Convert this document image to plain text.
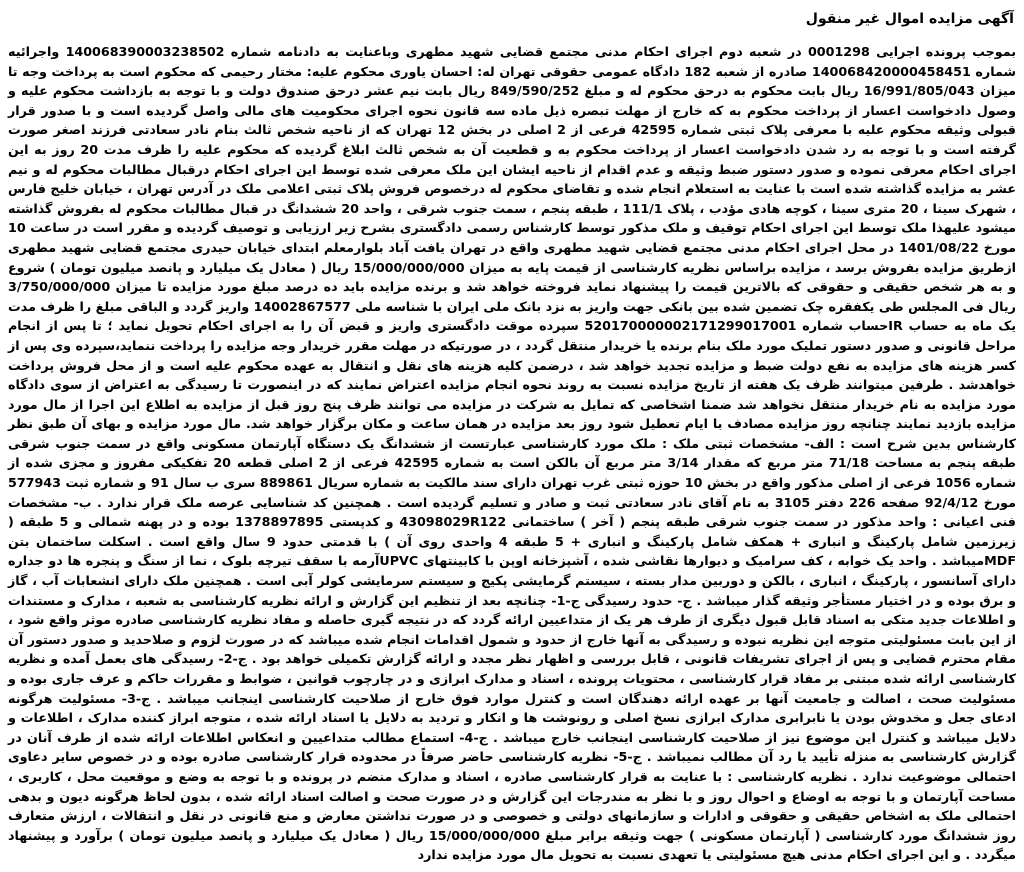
آگهی مزایده اموال غیر منقول

بموجب پرونده اجرایی 0001298 در شعبه دوم اجرای احکام مدنی مجتمع قضایی شهید مطهری وباعنایت به دادنامه شماره 140068390003238502 واجرائیه شماره 140068420000458451 صادره از شعبه 182 دادگاه عمومی حقوقی تهران له: احسان یاوری محکوم علیه: مختار رحیمی که محکوم است به پرداخت وجه تا میزان 16/991/805/043 ریال بابت محکوم به درحق محکوم له و مبلغ 849/590/252 ریال بابت نیم عشر درحق صندوق دولت و با توجه به بازداشت محکوم علیه و وصول دادخواست اعسار از پرداخت محکوم به که خارج از مهلت تبصره ذیل ماده سه قانون نحوه اجرای محکومیت های مالی واصل گردیده است و با صدور قرار قبولی وثیقه محکوم علیه با معرفی پلاک ثبتی شماره 42595 فرعی از 2 اصلی در بخش 12 تهران که از ناحیه شخص ثالث بنام نادر سعادتی فرزند اصغر صورت گرفته است و با توجه به رد شدن دادخواست اعسار از پرداخت محکوم به و قطعیت آن به شخص ثالث ابلاغ گردیده که محکوم علیه را ظرف مدت 20 روز به این اجرای احکام معرفی نموده و صدور دستور ضبط وثیقه و عدم اقدام از ناحیه ایشان این ملک معرفی شده توسط این اجرای احکام درقبال مطالبات محکوم له و نیم عشر به مزایده گذاشته شده است با عنایت به استعلام انجام شده و تقاضای محکوم له درخصوص فروش پلاک ثبتی اعلامی ملک در آدرس تهران ، خیابان خلیج فارس ، شهرک سینا ، 20 متری سینا ، کوچه هادی مؤدب ، پلاک 111/1 ، طبقه پنجم ، سمت جنوب شرقی ، واحد 20 ششدانگ در قبال مطالبات محکوم له بفروش گذاشته میشود علیهذا ملک توسط این اجرای احکام توقیف و ملک مذکور توسط کارشناس رسمی دادگستری بشرح زیر ارزیابی و توصیف گردیده و مقرر است در ساعت 10 مورخ 1401/08/22 در محل اجرای احکام مدنی مجتمع قضایی شهید مطهری واقع در تهران یافت آباد بلوارمعلم ابتدای خیابان حیدری مجتمع قضایی شهید مطهری ازطریق مزایده بفروش برسد ، مزایده براساس نظریه کارشناسی از قیمت پایه به میزان 15/000/000/000 ریال ( معادل یک میلیارد و پانصد میلیون تومان ) شروع و به هر شخص حقیقی و حقوقی که بالاترین قیمت را پیشنهاد نماید فروخته خواهد شد و برنده مزایده باید ده درصد مبلغ مورد مزایده تا میزان 3/750/000/000 ریال فی المجلس طی یکفقره چک تضمین شده بین بانکی جهت واریز به نزد بانک ملی ایران با شناسه ملی 14002867577 واریز گردد و الباقی مبلغ را ظرف مدت یک ماه به حساب IRحساب شماره 520170000002171299017001 سپرده موقت دادگستری واریز و قبض آن را به اجرای احکام تحویل نماید ؛ تا پس از انجام مراحل قانونی و صدور دستور تملیک مورد ملک بنام برنده یا خریدار منتقل گردد ، در صورتیکه در مهلت مقرر خریدار وجه مزایده را پرداخت ننماید،سپرده وی پس از کسر هزینه های مزایده به نفع دولت ضبط و مزایده تجدید خواهد شد ، درضمن کلیه هزینه های نقل و انتقال به عهده محکوم علیه است و از محل فروش پرداخت خواهدشد . طرفین میتوانند ظرف یک هفته از تاریخ مزایده نسبت به روند نحوه انجام مزایده اعتراض نمایند که در اینصورت تا رسیدگی به اعتراض از سوی دادگاه مورد مزایده به نام خریدار منتقل نخواهد شد ضمنا اشخاصی که تمایل به شرکت در مزایده می توانند ظرف پنج روز قبل از مزایده به اطلاع این اجرا از مال مورد مزایده بازدید نمایند چنانچه روز مزایده مصادف با ایام تعطیل شود روز بعد مزایده در همان ساعت و مکان برگزار خواهد شد. مال مورد مزایده و بهای آن طبق نظر کارشناس بدین شرح است : الف- مشخصات ثبتی ملک : ملک مورد کارشناسی عبارتست از ششدانگ یک دستگاه آپارتمان مسکونی واقع در سمت جنوب شرقی طبقه پنجم به مساحت 71/18 متر مربع که مقدار 3/14 متر مربع آن بالکن است به شماره 42595 فرعی از 2 اصلی قطعه 20 تفکیکی مفروز و مجزی شده از شماره 1056 فرعی از اصلی مذکور واقع در بخش 10 حوزه ثبتی غرب تهران دارای سند مالکیت به شماره سریال 889861 سری ب سال 91 و شماره ثبت 577943 مورخ 92/4/12 صفحه 226 دفتر 3105 به نام آقای نادر سعادتی ثبت و صادر و تسلیم گردیده است . همچنین کد شناسایی عرصه ملک قرار ندارد . ب- مشخصات فنی اعیانی : واحد مذکور در سمت جنوب شرقی طبقه پنجم ( آخر ) ساختمانی 43098029R122 و کدپستی 1378897895 بوده و در پهنه شمالی و 5 طبقه ( زیرزمین شامل پارکینگ و انباری + همکف شامل پارکینگ و انباری + 5 طبقه 4 واحدی روی آن ) با قدمتی حدود 9 سال واقع است . اسکلت ساختمان بتن MDFمیباشد . واحد یک خوابه ، کف سرامیک و دیوارها نقاشی شده ، آشپزخانه اوپن با کابینتهای UPVCآرمه با سقف تیرچه بلوک ، نما از سنگ و پنجره ها دو جداره دارای آسانسور ، پارکینگ ، انباری ، بالکن و دوربین مدار بسته ، سیستم گرمایشی پکیج و سیستم سرمایشی کولر آبی است . همچنین ملک دارای انشعابات آب ، گاز و برق بوده و در اختیار مستأجر وثیقه گذار میباشد . ج- حدود رسیدگی ج-1- چنانچه بعد از تنظیم این گزارش و ارائه نظریه کارشناسی به شعبه ، مدارک و مستندات و اطلاعات جدید متکی به اسناد قابل قبول دیگری از طرف هر یک از متداعیین ارائه گردد که در نتیجه گیری حاصله و مفاد نظریه کارشناسی صادره موثر واقع شود ، از این بابت مسئولیتی متوجه این نظریه نبوده و رسیدگی به آنها خارج از حدود و شمول اقدامات انجام شده میباشد که در صورت لزوم و صلاحدید و صدور دستور آن مقام محترم قضایی و پس از اجرای تشریفات قانونی ، قابل بررسی و اظهار نظر مجدد و ارائه گزارش تکمیلی خواهد بود . ج-2- رسیدگی های بعمل آمده و نظریه کارشناسی ارائه شده مبتنی بر مفاد قرار کارشناسی ، محتویات پرونده ، اسناد و مدارک ابرازی و در چارچوب قوانین ، ضوابط و مقررات حاکم و عرف جاری بوده و مسئولیت صحت ، اصالت و جامعیت آنها بر عهده ارائه دهندگان است و کنترل موارد فوق خارج از صلاحیت کارشناسی اینجانب میباشد . ج-3- مسئولیت هرگونه ادعای جعل و مخدوش بودن یا نابرابری مدارک ابرازی نسخ اصلی و رونوشت ها و انکار و تردید به دلایل یا اسناد ارائه شده ، متوجه ابراز کننده مدارک ، اطلاعات و دلایل میباشد و کنترل این موضوع نیز از صلاحیت کارشناسی اینجانب خارج میباشد . ج-4- استماع مطالب متداعیین و انعکاس اطلاعات ارائه شده از طرف آنان در گزارش کارشناسی به منزله تأیید یا رد آن مطالب نمیباشد . ج-5- نظریه کارشناسی حاضر صرفاً در محدوده قرار کارشناسی صادره بوده و در خصوص سایر دعاوی احتمالی موضوعیت ندارد . نظریه کارشناسی : با عنایت به قرار کارشناسی صادره ، اسناد و مدارک منضم در پرونده و با توجه به وضع و موقعیت محل ، کاربری ، مساحت آپارتمان و با توجه به اوضاع و احوال روز و با نظر به مندرجات این گزارش و در صورت صحت و اصالت اسناد ارائه شده ، بدون لحاظ هرگونه دیون و بدهی احتمالی ملک به اشخاص حقیقی و حقوقی و ادارات و سازمانهای دولتی و خصوصی و در صورت نداشتن معارض و منع قانونی در نقل و انتقالات ، ارزش متعارف روز ششدانگ مورد کارشناسی ( آپارتمان مسکونی ) جهت وثیقه برابر مبلغ 15/000/000/000 ریال ( معادل یک میلیارد و پانصد میلیون تومان ) برآورد و پیشنهاد میگردد . و این اجرای احکام مدنی هیچ مسئولیتی یا تعهدی نسبت به تحویل مال مورد مزایده ندارد
